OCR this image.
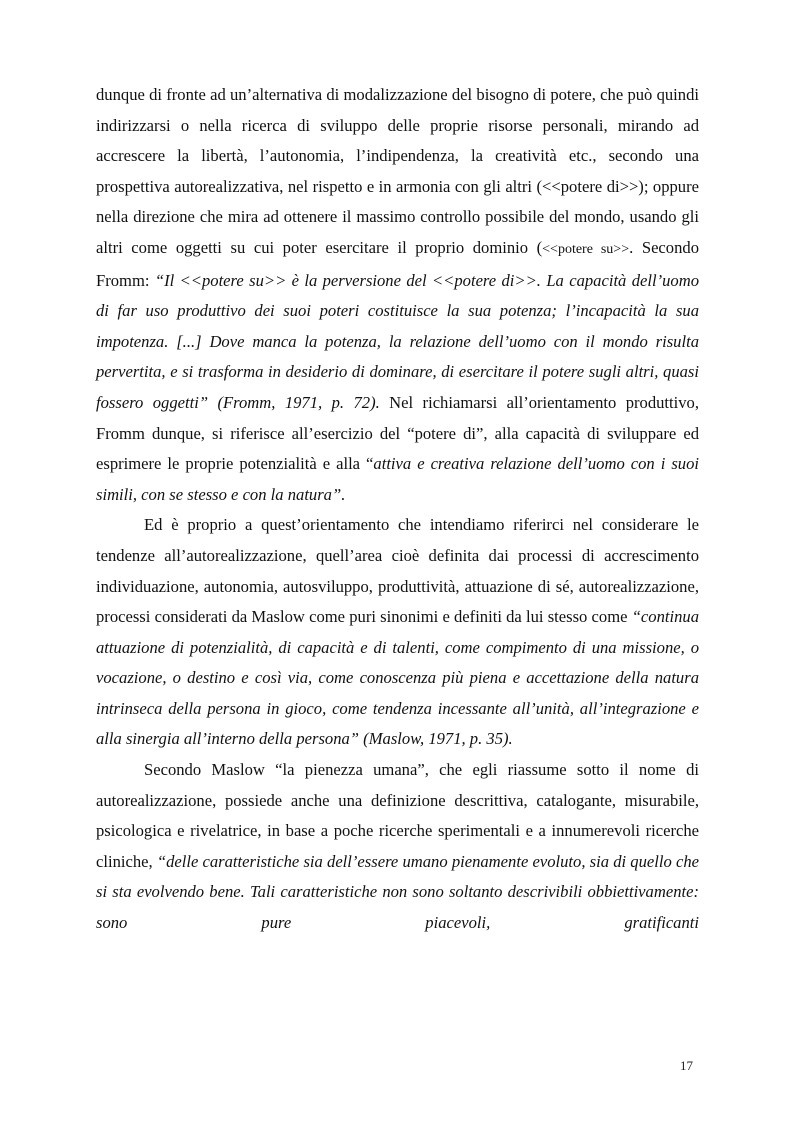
dunque di fronte ad un’alternativa di modalizzazione del bisogno di potere, che può quindi indirizzarsi o nella ricerca di sviluppo delle proprie risorse personali, mirando ad accrescere la libertà, l’autonomia, l’indipendenza, la creatività etc., secondo una prospettiva autorealizzativa, nel rispetto e in armonia con gli altri (<<potere di>>); oppure nella direzione che mira ad ottenere il massimo controllo possibile del mondo, usando gli altri come oggetti su cui poter esercitare il proprio dominio (<<potere su>>. Secondo Fromm: “Il <<potere su>> è la perversione del <<potere di>>. La capacità dell’uomo di far uso produttivo dei suoi poteri costituisce la sua potenza; l’incapacità la sua impotenza. [...] Dove manca la potenza, la relazione dell’uomo con il mondo risulta pervertita, e si trasforma in desiderio di dominare, di esercitare il potere sugli altri, quasi fossero oggetti” (Fromm, 1971, p. 72). Nel richiamarsi all’orientamento produttivo, Fromm dunque, si riferisce all’esercizio del “potere di”, alla capacità di sviluppare ed esprimere le proprie potenzialità e alla “attiva e creativa relazione dell’uomo con i suoi simili, con se stesso e con la natura”.

Ed è proprio a quest’orientamento che intendiamo riferirci nel considerare le tendenze all’autorealizzazione, quell’area cioè definita dai processi di accrescimento individuazione, autonomia, autosviluppo, produttività, attuazione di sé, autorealizzazione, processi considerati da Maslow come puri sinonimi e definiti da lui stesso come “continua attuazione di potenzialità, di capacità e di talenti, come compimento di una missione, o vocazione, o destino e così via, come conoscenza più piena e accettazione della natura intrinseca della persona in gioco, come tendenza incessante all’unità, all’integrazione e alla sinergia all’interno della persona” (Maslow, 1971, p. 35).

Secondo Maslow “la pienezza umana”, che egli riassume sotto il nome di autorealizzazione, possiede anche una definizione descrittiva, catalogante, misurabile, psicologica e rivelatrice, in base a poche ricerche sperimentali e a innumerevoli ricerche cliniche, “delle caratteristiche sia dell’essere umano pienamente evoluto, sia di quello che si sta evolvendo bene. Tali caratteristiche non sono soltanto descrivibili obbiettivamente: sono pure piacevoli, gratificanti

17
